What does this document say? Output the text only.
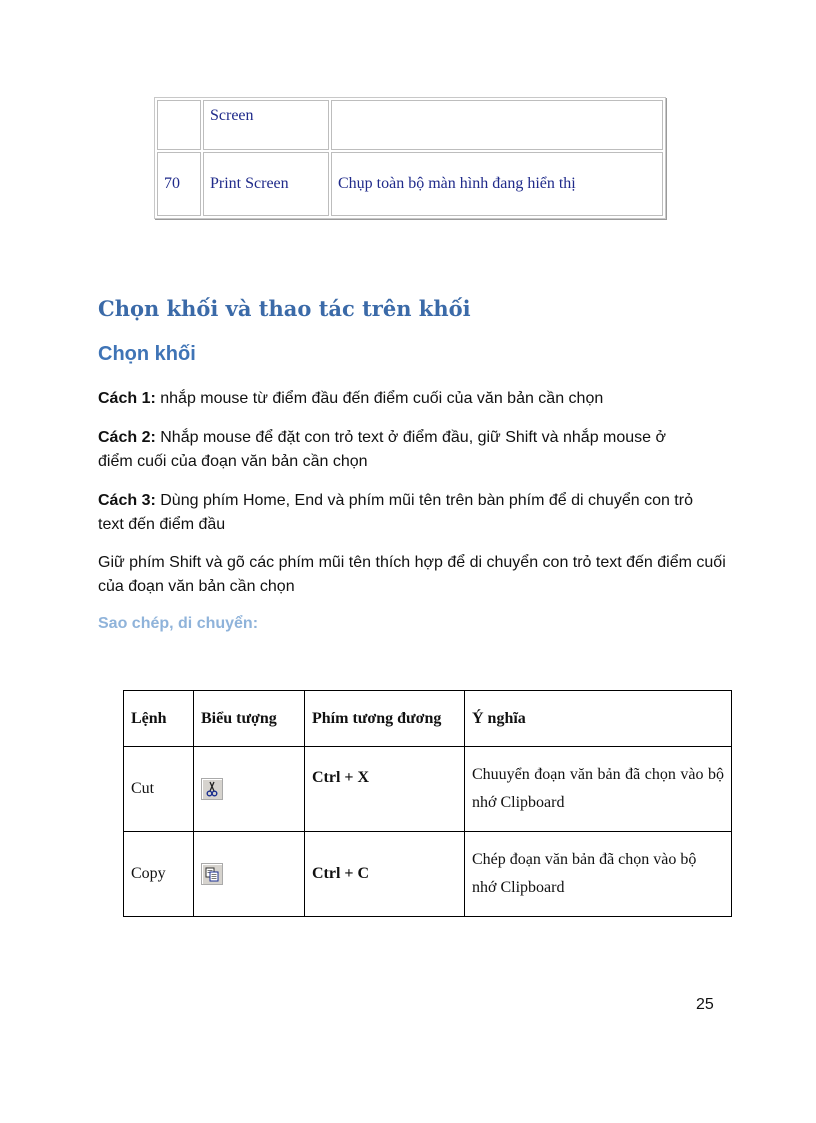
	Screen	
70	Print Screen	Chụp toàn bộ màn hình đang hiển thị
Chọn khối và thao tác trên khối
Chọn khối

Cách 1: nhắp mouse từ điểm đầu đến điểm cuối của văn bản cần chọn

Cách 2: Nhắp mouse để đặt con trỏ text ở điểm đầu, giữ Shift và nhắp mouse ở điểm cuối của đoạn văn bản cần chọn

Cách 3: Dùng phím Home, End và phím mũi tên trên bàn phím để di chuyển con trỏ text đến điểm đầu

Giữ phím Shift và gõ các phím mũi tên thích hợp để di chuyển con trỏ text đến điểm cuối của đoạn văn bản cần chọn

Sao chép, di chuyển:
Lệnh	Biểu tượng	Phím tương đương	Ý nghĩa
Cut		Ctrl + X	Chuuyển đoạn văn bản đã chọn vào bộ nhớ Clipboard
Copy		Ctrl + C	Chép đoạn văn bản đã chọn vào bộ nhớ Clipboard

25
